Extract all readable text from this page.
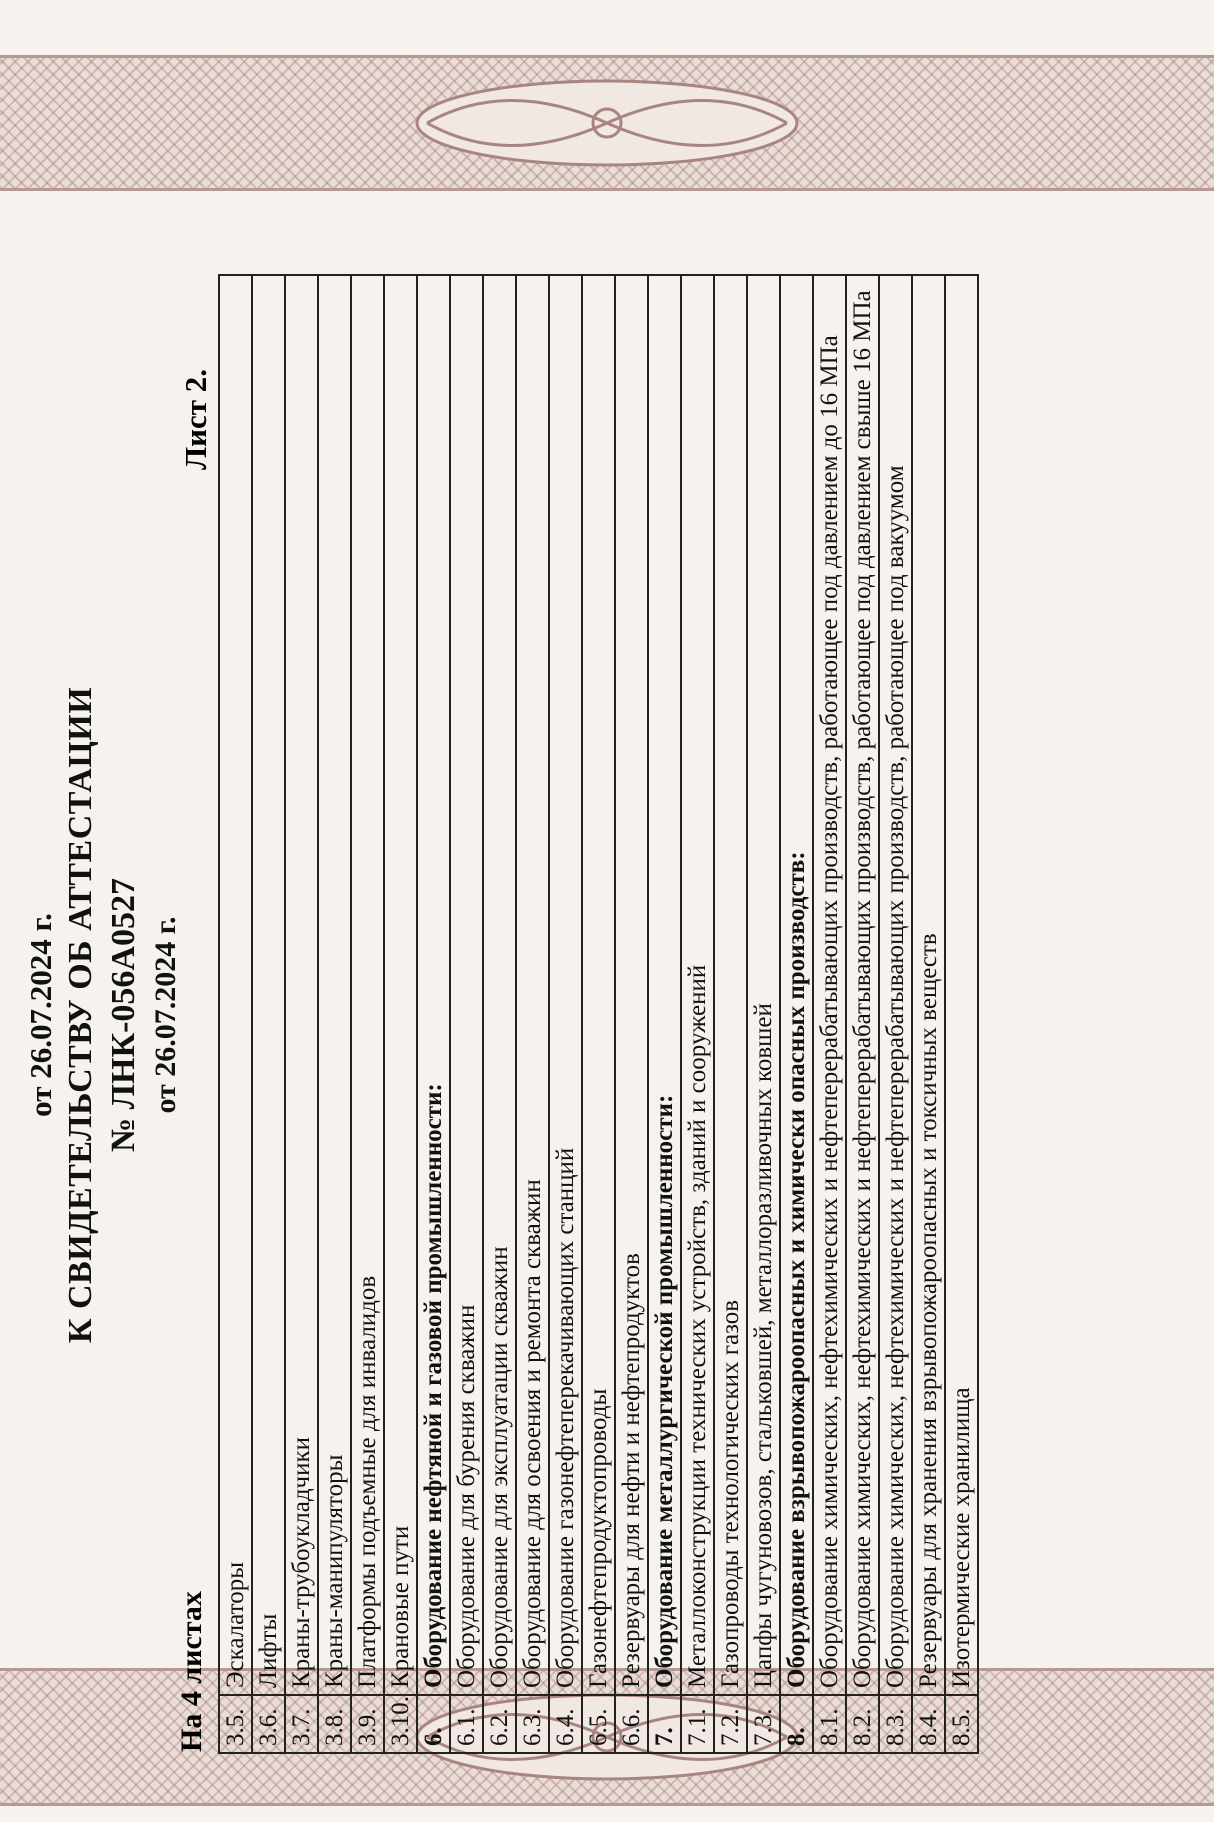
от 26.07.2024 г. К СВИДЕТЕЛЬСТВУ ОБ АТТЕСТАЦИИ № ЛНК-056А0527 от 26.07.2024 г.
На 4 листах
Лист 2.
3.5.	Эскалаторы
3.6.	Лифты
3.7.	Краны-трубоукладчики
3.8.	Краны-манипуляторы
3.9.	Платформы подъемные для инвалидов
3.10.	Крановые пути
6.	Оборудование нефтяной и газовой промышленности:
6.1.	Оборудование для бурения скважин
6.2.	Оборудование для эксплуатации скважин
6.3.	Оборудование для освоения и ремонта скважин
6.4.	Оборудование газонефтеперекачивающих станций
6.5.	Газонефтепродуктопроводы
6.6.	Резервуары для нефти и нефтепродуктов
7.	Оборудование металлургической промышленности:
7.1.	Металлоконструкции технических устройств, зданий и сооружений
7.2.	Газопроводы технологических газов
7.3.	Цапфы чугуновозов, стальковшей, металлоразливочных ковшей
8.	Оборудование взрывопожароопасных и химически опасных производств:
8.1.	Оборудование химических, нефтехимических и нефтеперерабатывающих производств, работающее под давлением до 16 МПа
8.2.	Оборудование химических, нефтехимических и нефтеперерабатывающих производств, работающее под давлением свыше 16 МПа
8.3.	Оборудование химических, нефтехимических и нефтеперерабатывающих производств, работающее под вакуумом
8.4.	Резервуары для хранения взрывопожароопасных и токсичных веществ
8.5.	Изотермические хранилища
